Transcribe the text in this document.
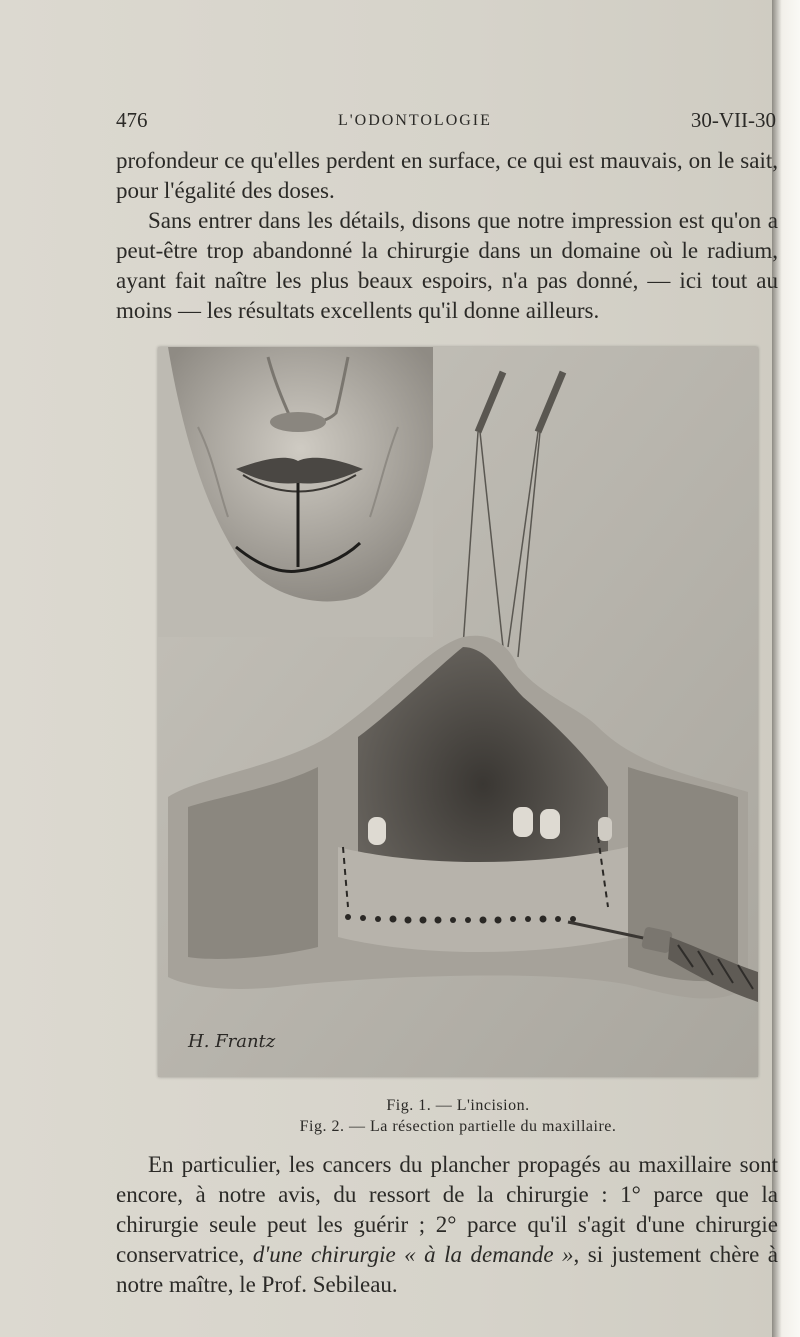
476	L'ODONTOLOGIE	30-VII-30

profondeur ce qu'elles perdent en surface, ce qui est mauvais, on le sait, pour l'égalité des doses.

Sans entrer dans les détails, disons que notre impression est qu'on a peut-être trop abandonné la chirurgie dans un domaine où le radium, ayant fait naître les plus beaux espoirs, n'a pas donné, — ici tout au moins — les résultats excellents qu'il donne ailleurs.

H. Frantz
Fig. 1. — L'incision.
Fig. 2. — La résection partielle du maxillaire.

En particulier, les cancers du plancher propagés au maxillaire sont encore, à notre avis, du ressort de la chirurgie : 1° parce que la chirurgie seule peut les guérir ; 2° parce qu'il s'agit d'une chirurgie conservatrice, d'une chirurgie « à la demande », si justement chère à notre maître, le Prof. Sebileau.
